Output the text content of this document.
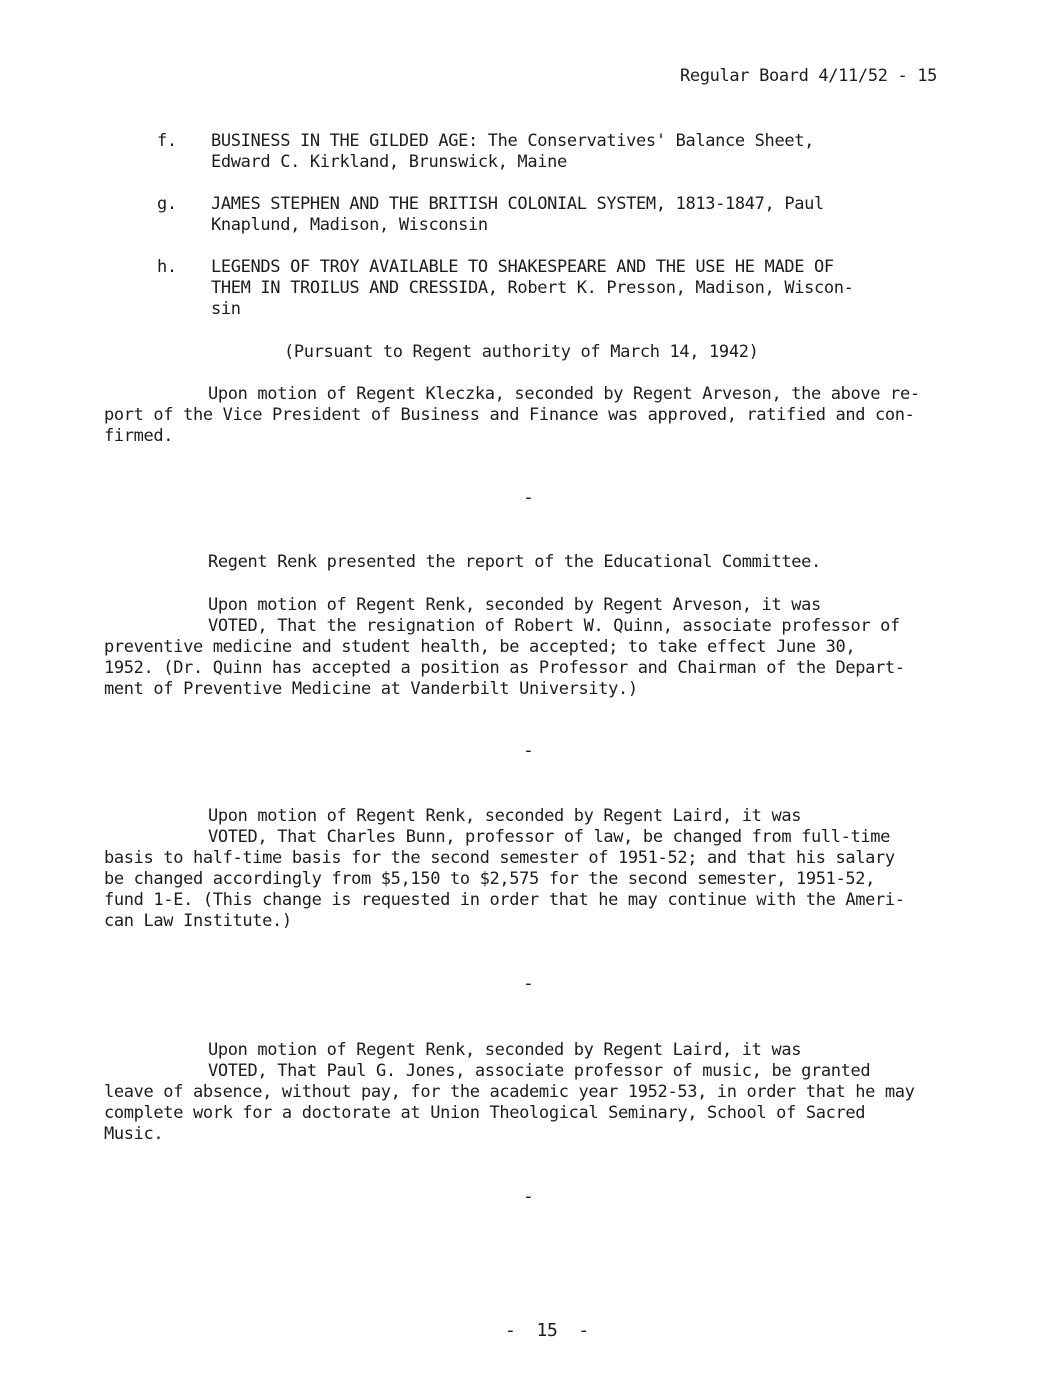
Regular Board 4/11/52 - 15
f. BUSINESS IN THE GILDED AGE: The Conservatives' Balance Sheet,
Edward C. Kirkland, Brunswick, Maine
g. JAMES STEPHEN AND THE BRITISH COLONIAL SYSTEM, 1813-1847, Paul
Knaplund, Madison, Wisconsin
h. LEGENDS OF TROY AVAILABLE TO SHAKESPEARE AND THE USE HE MADE OF
THEM IN TROILUS AND CRESSIDA, Robert K. Presson, Madison, Wiscon-
sin
(Pursuant to Regent authority of March 14, 1942)
Upon motion of Regent Kleczka, seconded by Regent Arveson, the above re-
port of the Vice President of Business and Finance was approved, ratified and con-
firmed.
-
Regent Renk presented the report of the Educational Committee.
Upon motion of Regent Renk, seconded by Regent Arveson, it was
VOTED, That the resignation of Robert W. Quinn, associate professor of
preventive medicine and student health, be accepted; to take effect June 30,
1952. (Dr. Quinn has accepted a position as Professor and Chairman of the Depart-
ment of Preventive Medicine at Vanderbilt University.)
-
Upon motion of Regent Renk, seconded by Regent Laird, it was
VOTED, That Charles Bunn, professor of law, be changed from full-time
basis to half-time basis for the second semester of 1951-52; and that his salary
be changed accordingly from $5,150 to $2,575 for the second semester, 1951-52,
fund 1-E. (This change is requested in order that he may continue with the Ameri-
can Law Institute.)
-
Upon motion of Regent Renk, seconded by Regent Laird, it was
VOTED, That Paul G. Jones, associate professor of music, be granted
leave of absence, without pay, for the academic year 1952-53, in order that he may
complete work for a doctorate at Union Theological Seminary, School of Sacred
Music.
-
-  15  -
